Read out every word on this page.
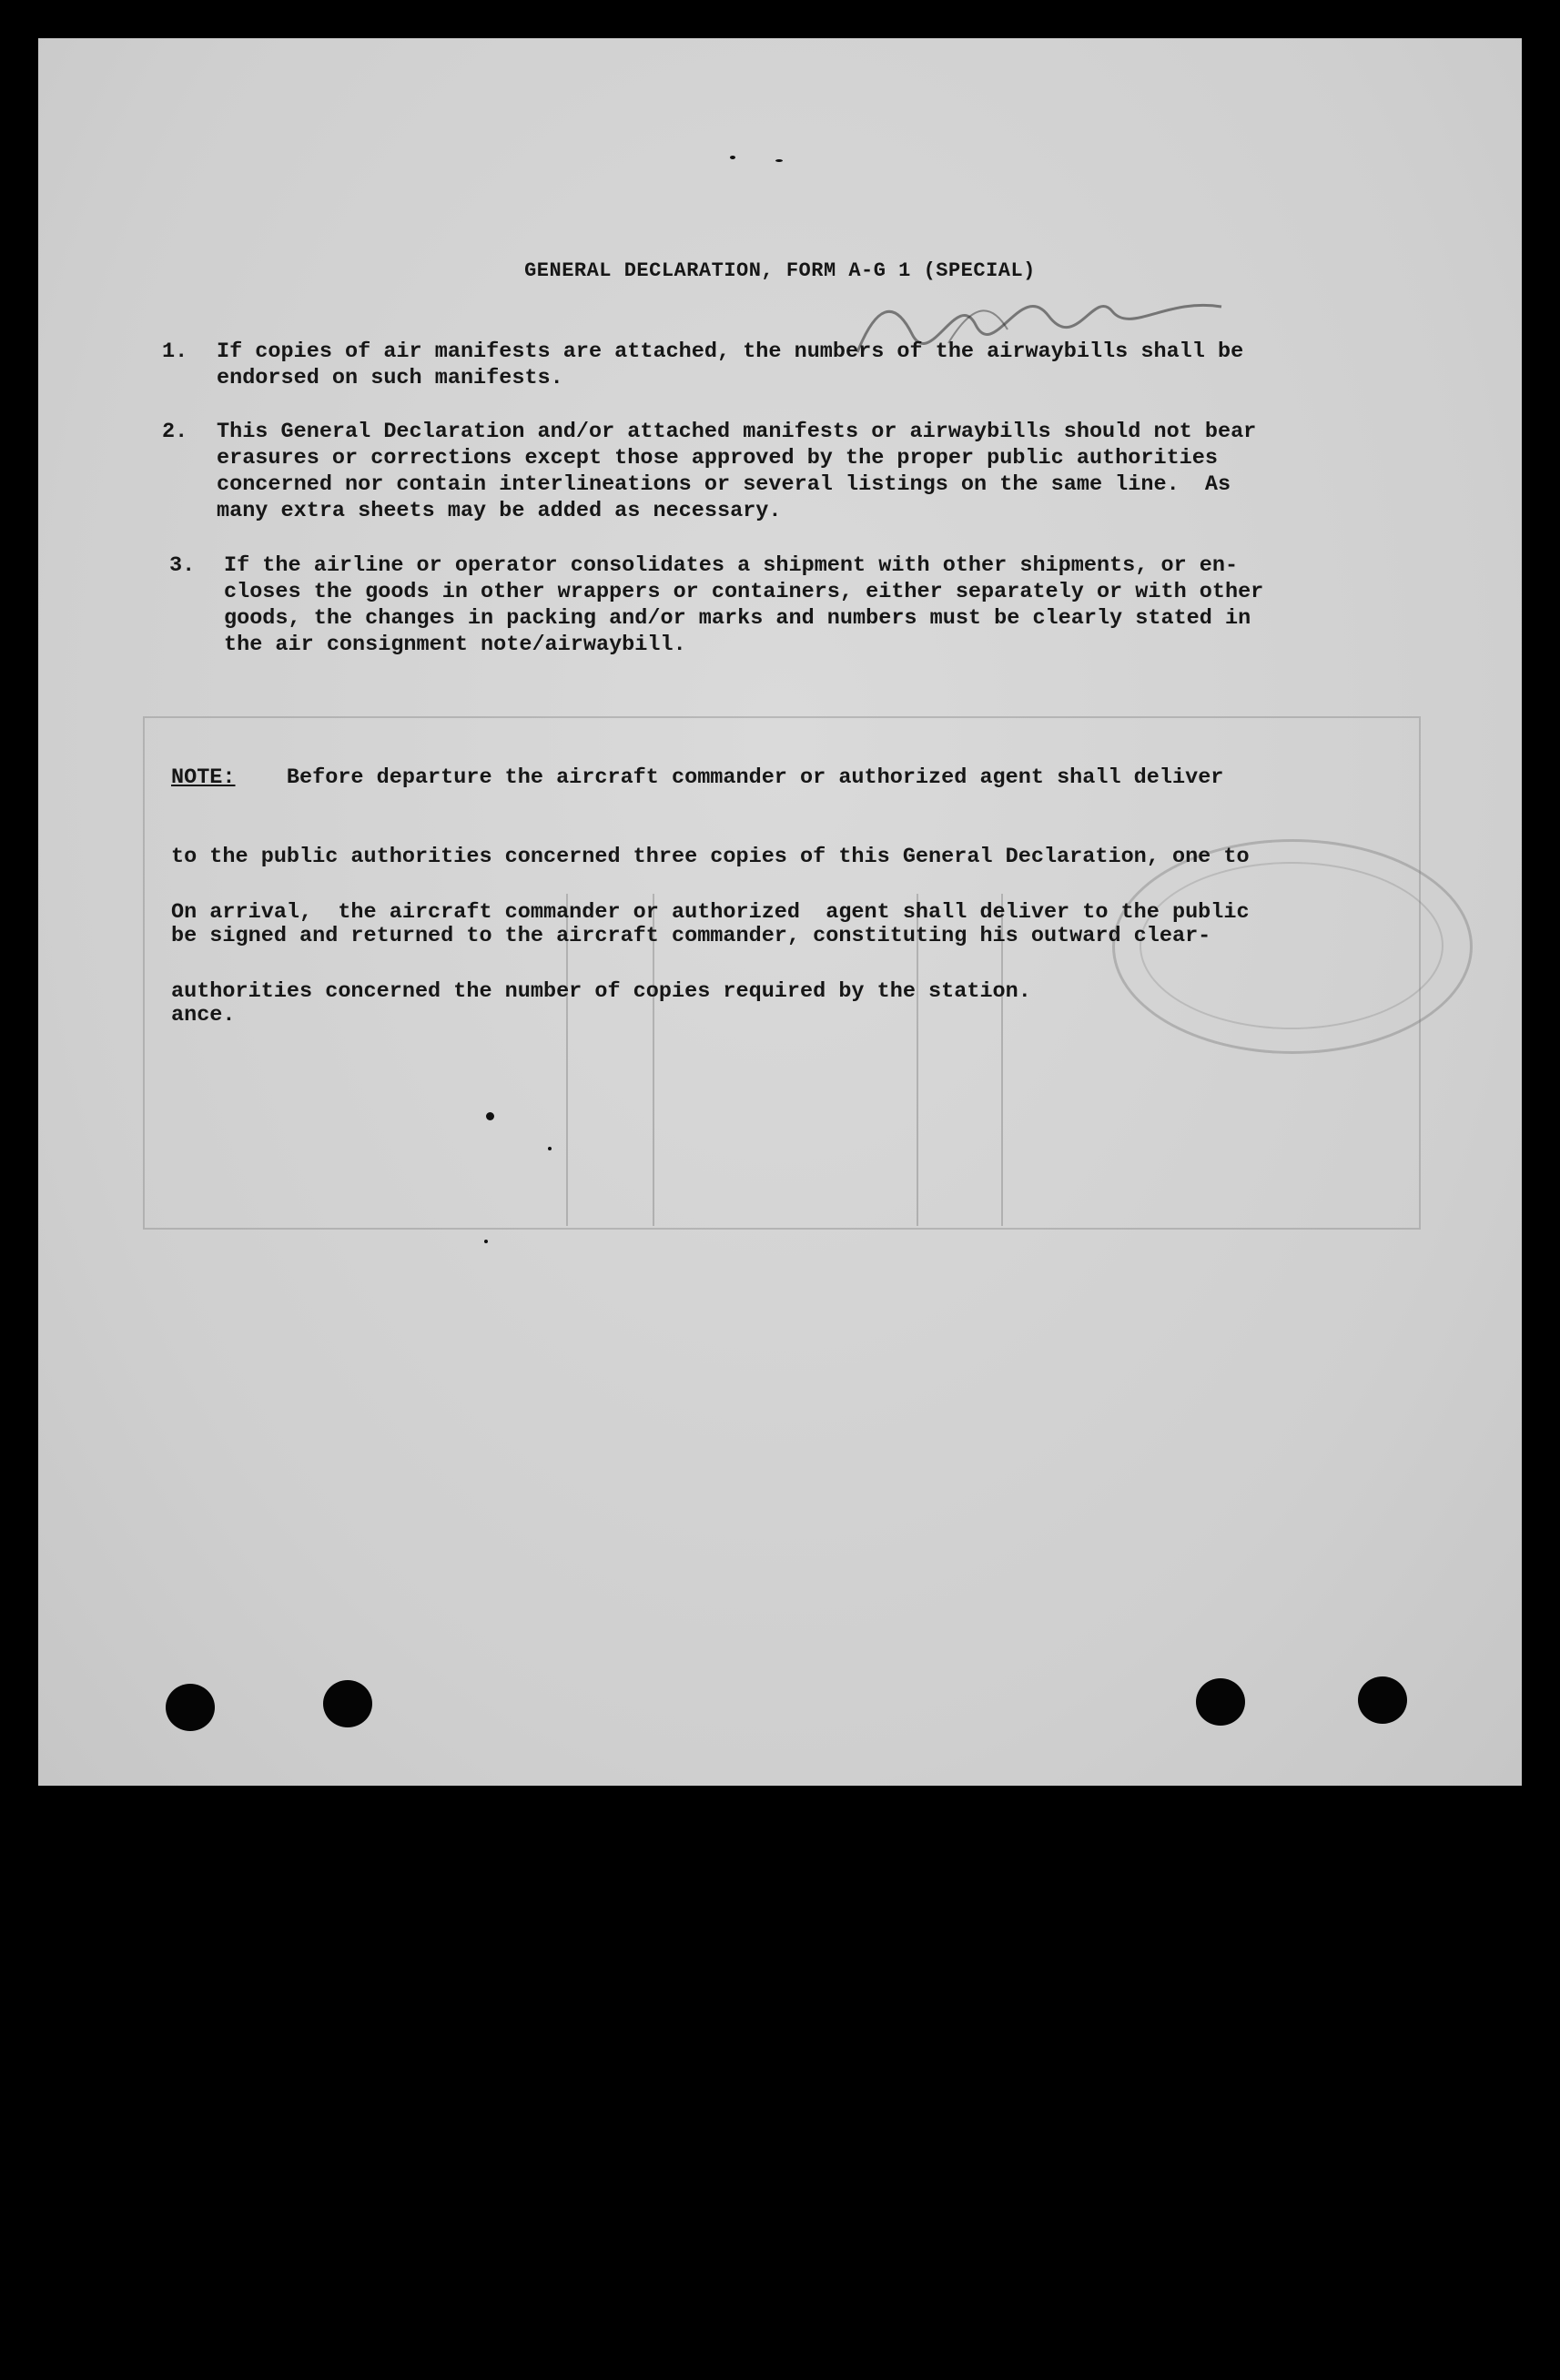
GENERAL DECLARATION, FORM A-G 1 (SPECIAL)
1. If copies of air manifests are attached, the numbers of the airwaybills shall be
endorsed on such manifests.
2. This General Declaration and/or attached manifests or airwaybills should not bear
erasures or corrections except those approved by the proper public authorities
concerned nor contain interlineations or several listings on the same line.  As
many extra sheets may be added as necessary.
3. If the airline or operator consolidates a shipment with other shipments, or en-
closes the goods in other wrappers or containers, either separately or with other
goods, the changes in packing and/or marks and numbers must be clearly stated in
the air consignment note/airwaybill.

NOTE:    Before departure the aircraft commander or authorized agent shall deliver

to the public authorities concerned three copies of this General Declaration, one to

be signed and returned to the aircraft commander, constituting his outward clear-

ance.

On arrival,  the aircraft commander or authorized  agent shall deliver to the public

authorities concerned the number of copies required by the station.
